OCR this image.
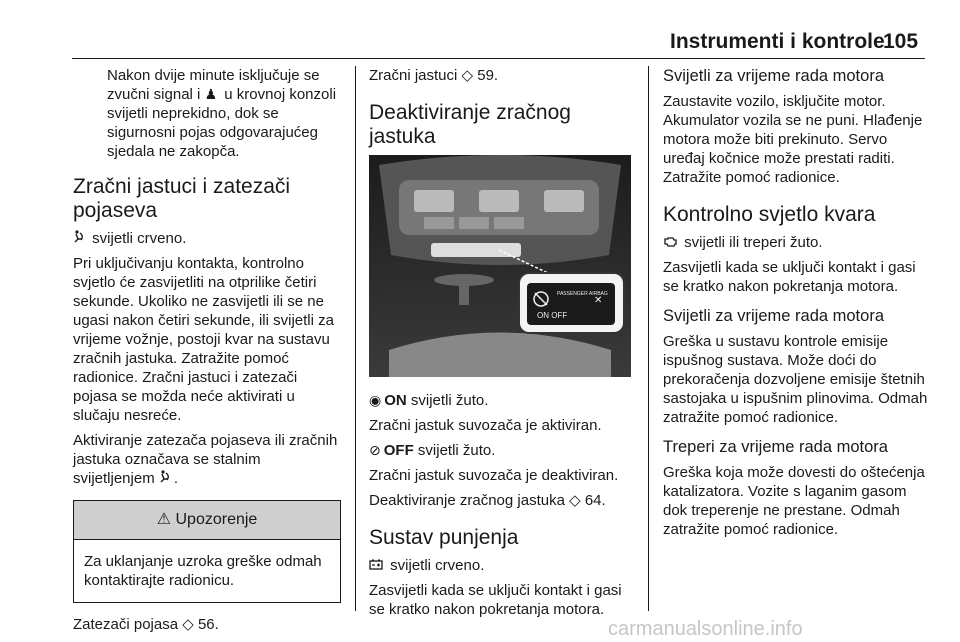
Instrumenti i kontrole
105

Nakon dvije minute isključuje se zvučni signal i ♟ u krovnoj konzoli svijetli neprekidno, dok se sigurnosni pojas odgovarajućeg sjedala ne zakopča.

Zračni jastuci i zatezači pojaseva

svijetli crveno.

Pri uključivanju kontakta, kontrolno svjetlo će zasvijetliti na otprilike četiri sekunde. Ukoliko ne zasvijetli ili se ne ugasi nakon četiri sekunde, ili svijetli za vrijeme vožnje, postoji kvar na sustavu zračnih jastuka. Zatražite pomoć radionice. Zračni jastuci i zatezači pojasa se možda neće aktivirati u slučaju nesreće.

Aktiviranje zatezača pojaseva ili zračnih jastuka označava se stalnim svijetljenjem .

⚠ Upozorenje
Za uklanjanje uzroka greške odmah kontaktirajte radionicu.

Zatezači pojasa ◇ 56.

Zračni jastuci ◇ 59.

Deaktiviranje zračnog jastuka
PASSENGER AIRBAG
ON OFF
✕

◉ ON svijetli žuto.

Zračni jastuk suvozača je aktiviran.

⊘ OFF svijetli žuto.

Zračni jastuk suvozača je deaktiviran.

Deaktiviranje zračnog jastuka ◇ 64.

Sustav punjenja

svijetli crveno.

Zasvijetli kada se uključi kontakt i gasi se kratko nakon pokretanja motora.

Svijetli za vrijeme rada motora

Zaustavite vozilo, isključite motor. Akumulator vozila se ne puni. Hlađenje motora može biti prekinuto. Servo uređaj kočnice može prestati raditi. Zatražite pomoć radionice.

Kontrolno svjetlo kvara

svijetli ili treperi žuto.

Zasvijetli kada se uključi kontakt i gasi se kratko nakon pokretanja motora.

Svijetli za vrijeme rada motora

Greška u sustavu kontrole emisije ispušnog sustava. Može doći do prekoračenja dozvoljene emisije štetnih sastojaka u ispušnim plinovima. Odmah zatražite pomoć radionice.

Treperi za vrijeme rada motora

Greška koja može dovesti do oštećenja katalizatora. Vozite s laganim gasom dok treperenje ne prestane. Odmah zatražite pomoć radionice.

carmanualsonline.info
